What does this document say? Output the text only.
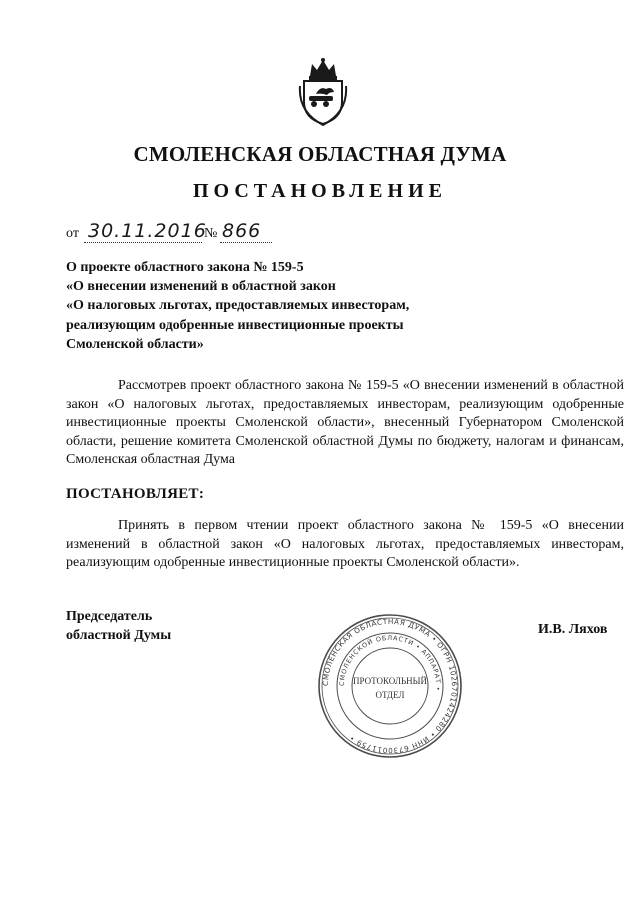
СМОЛЕНСКАЯ ОБЛАСТНАЯ ДУМА
ПОСТАНОВЛЕНИЕ
от 30.11.2016
№ 866
О проекте областного закона № 159-5
«О внесении изменений в областной закон
«О налоговых льготах, предоставляемых инвесторам,
реализующим одобренные инвестиционные проекты
Смоленской области»
Рассмотрев проект областного закона № 159-5 «О внесении изменений в областной закон «О налоговых льготах, предоставляемых инвесторам, реализующим одобренные инвестиционные проекты Смоленской области», внесенный Губернатором Смоленской области, решение комитета Смоленской областной Думы по бюджету, налогам и финансам, Смоленская областная Дума
ПОСТАНОВЛЯЕТ:
Принять в первом чтении проект областного закона № 159-5 «О внесении изменений в областной закон «О налоговых льготах, предоставляемых инвесторам, реализующим одобренные инвестиционные проекты Смоленской области».
Председатель
областной Думы	И.В. Ляхов
СМОЛЕНСКАЯ ОБЛАСТНАЯ ДУМА • ОГРН 1026701424280 • ИНН 6730011759 •
СМОЛЕНСКОЙ ОБЛАСТИ • АППАРАТ •
ПРОТОКОЛЬНЫЙ
ОТДЕЛ
